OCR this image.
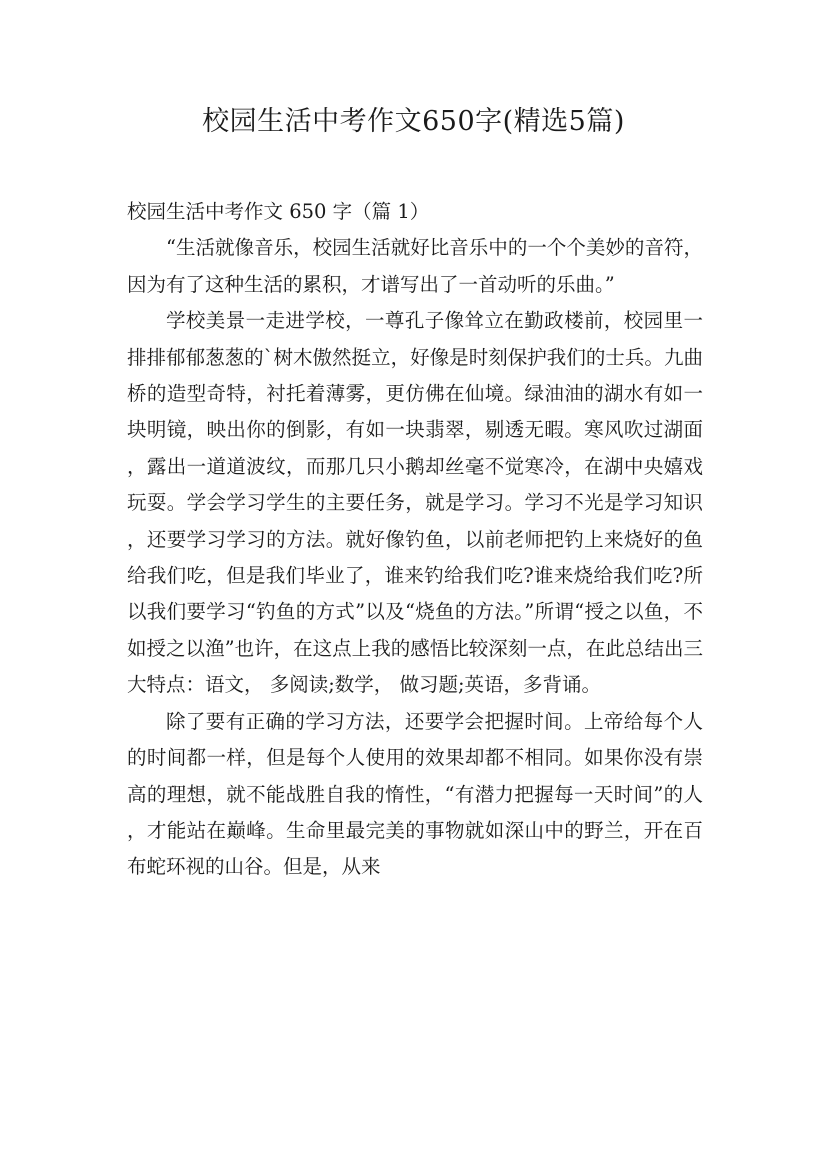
校园生活中考作文650字(精选5篇)

校园生活中考作文 650 字（篇 1）

“生活就像音乐，校园生活就好比音乐中的一个个美妙的音符，因为有了这种生活的累积，才谱写出了一首动听的乐曲。”

学校美景一走进学校，一尊孔子像耸立在勤政楼前，校园里一排排郁郁葱葱的`树木傲然挺立，好像是时刻保护我们的士兵。九曲桥的造型奇特，衬托着薄雾，更仿佛在仙境。绿油油的湖水有如一块明镜，映出你的倒影，有如一块翡翠，剔透无暇。寒风吹过湖面，露出一道道波纹，而那几只小鹅却丝毫不觉寒冷，在湖中央嬉戏玩耍。学会学习学生的主要任务，就是学习。学习不光是学习知识，还要学习学习的方法。就好像钓鱼，以前老师把钓上来烧好的鱼给我们吃，但是我们毕业了，谁来钓给我们吃?谁来烧给我们吃?所以我们要学习“钓鱼的方式”以及“烧鱼的方法。”所谓“授之以鱼，不如授之以渔”也许，在这点上我的感悟比较深刻一点，在此总结出三大特点：语文， 多阅读;数学， 做习题;英语，多背诵。

除了要有正确的学习方法，还要学会把握时间。上帝给每个人的时间都一样，但是每个人使用的效果却都不相同。如果你没有崇高的理想，就不能战胜自我的惰性，“有潜力把握每一天时间”的人，才能站在巅峰。生命里最完美的事物就如深山中的野兰，开在百布蛇环视的山谷。但是，从来
